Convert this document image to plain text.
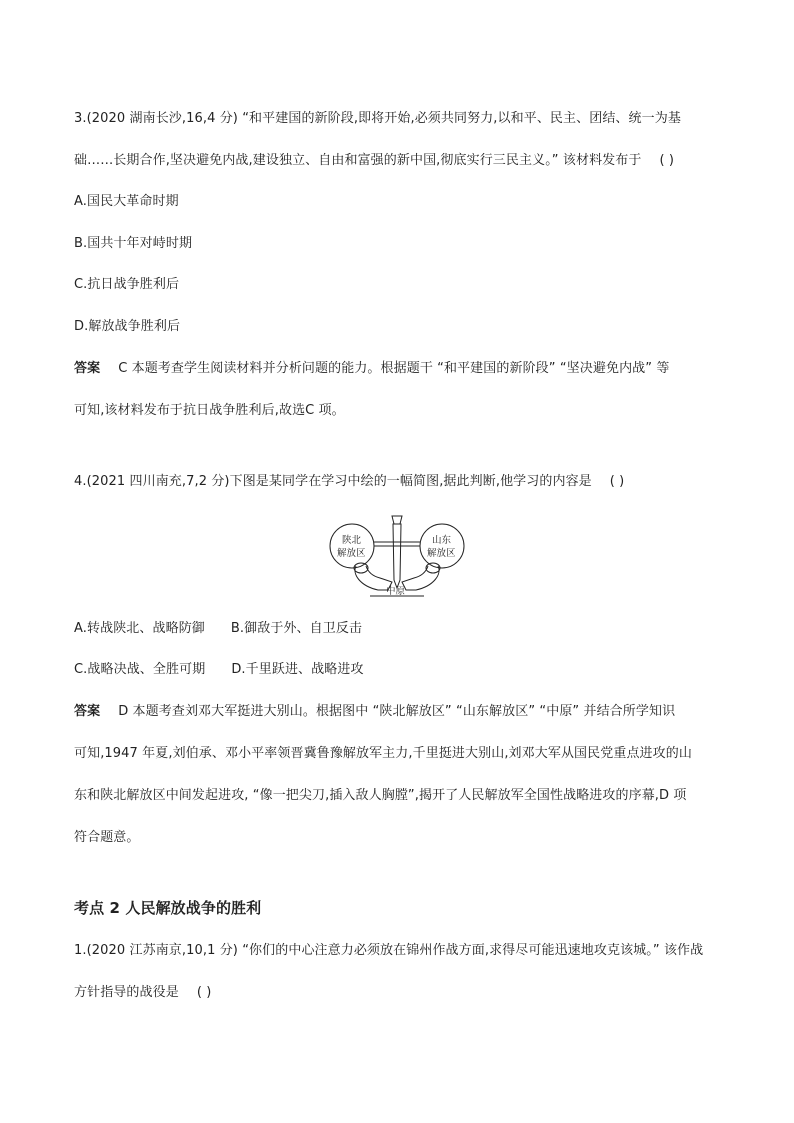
3.(2020 湖南长沙,16,4 分) “和平建国的新阶段,即将开始,必须共同努力,以和平、民主、团结、统一为基
础……长期合作,坚决避免内战,建设独立、自由和富强的新中国,彻底实行三民主义。” 该材料发布于 ( )
A.国民大革命时期
B.国共十年对峙时期
C.抗日战争胜利后
D.解放战争胜利后
答案 C 本题考查学生阅读材料并分析问题的能力。根据题干 “和平建国的新阶段” “坚决避免内战” 等
可知,该材料发布于抗日战争胜利后,故选C 项。
4.(2021 四川南充,7,2 分)下图是某同学在学习中绘的一幅简图,据此判断,他学习的内容是 ( )
陕北
解放区
山东
解放区
中原
A.转战陕北、战略防御 B.御敌于外、自卫反击
C.战略决战、全胜可期 D.千里跃进、战略进攻
答案 D 本题考查刘邓大军挺进大别山。根据图中 “陕北解放区” “山东解放区” “中原” 并结合所学知识
可知,1947 年夏,刘伯承、邓小平率领晋冀鲁豫解放军主力,千里挺进大别山,刘邓大军从国民党重点进攻的山
东和陕北解放区中间发起进攻, “像一把尖刀,插入敌人胸膛”,揭开了人民解放军全国性战略进攻的序幕,D 项
符合题意。
考点 2 人民解放战争的胜利
1.(2020 江苏南京,10,1 分) “你们的中心注意力必须放在锦州作战方面,求得尽可能迅速地攻克该城。” 该作战
方针指导的战役是 ( )
